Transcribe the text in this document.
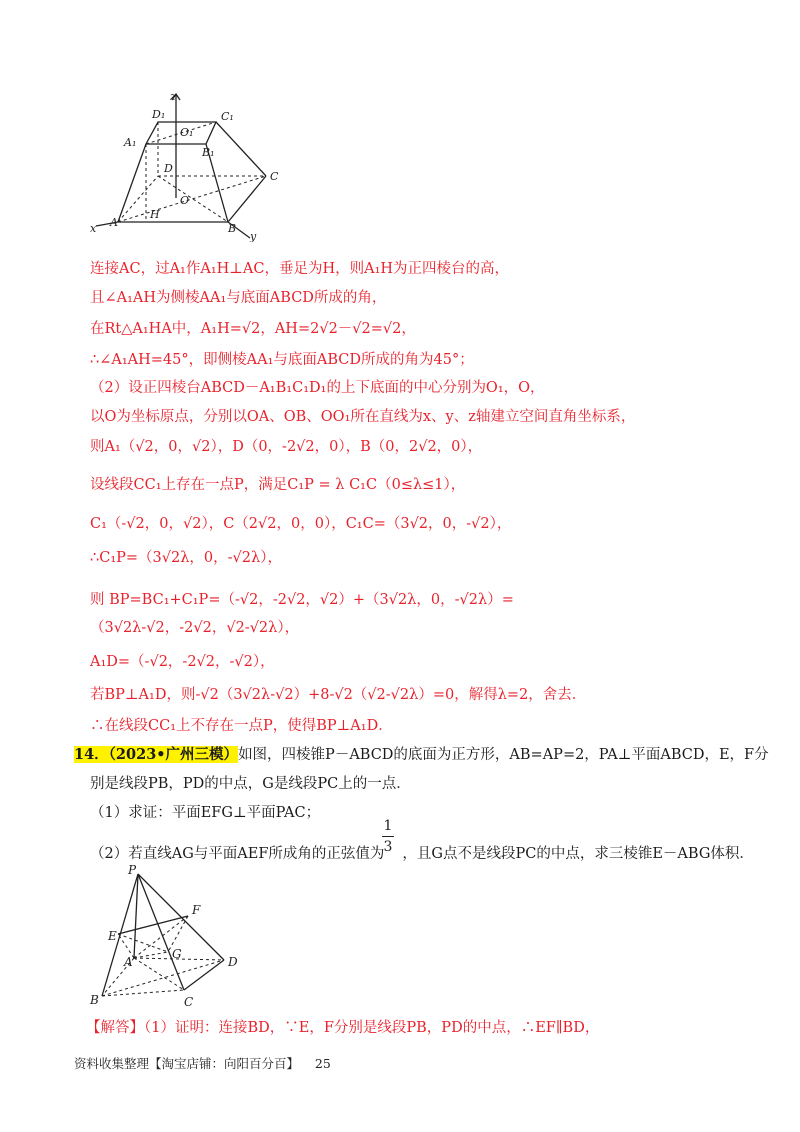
z
D₁	C₁
A₁
O₁
B₁
D
C
O
x A
H
B
y
连接AC，过A₁作A₁H⊥AC，垂足为H，则A₁H为正四棱台的高，
且∠A₁AH为侧棱AA₁与底面ABCD所成的角，
在Rt△A₁HA中，A₁H=√2，AH=2√2－√2=√2，
∴∠A₁AH=45°，即侧棱AA₁与底面ABCD所成的角为45°；
（2）设正四棱台ABCD－A₁B₁C₁D₁的上下底面的中心分别为O₁，O，
以O为坐标原点，分别以OA、OB、OO₁所在直线为x、y、z轴建立空间直角坐标系，
则A₁（√2，0，√2），D（0，-2√2，0），B（0，2√2，0），
设线段CC₁上存在一点P，满足C₁P = λ C₁C（0≤λ≤1），
C₁（-√2，0，√2），C（2√2，0，0），C₁C=（3√2，0，-√2），
∴C₁P=（3√2λ，0，-√2λ），
则 BP=BC₁+C₁P=（-√2，-2√2，√2）+（3√2λ，0，-√2λ）=
（3√2λ-√2，-2√2，√2-√2λ），
A₁D=（-√2，-2√2，-√2），
若BP⊥A₁D，则-√2（3√2λ-√2）+8-√2（√2-√2λ）=0，解得λ=2，舍去．
∴在线段CC₁上不存在一点P，使得BP⊥A₁D．
14．（2023•广州三模）如图，四棱锥P－ABCD的底面为正方形，AB=AP=2，PA⊥平面ABCD，E，F分
别是线段PB，PD的中点，G是线段PC上的一点．
（1）求证：平面EFG⊥平面PAC；
（2）若直线AG与平面AEF所成角的正弦值为 ，且G点不是线段PC的中点，求三棱锥E－ABG体积．
1
3
P
F
E
A
G
D
B	C
【解答】（1）证明：连接BD，∵E，F分别是线段PB，PD的中点，∴EF∥BD，
资料收集整理【淘宝店铺：向阳百分百】 25
